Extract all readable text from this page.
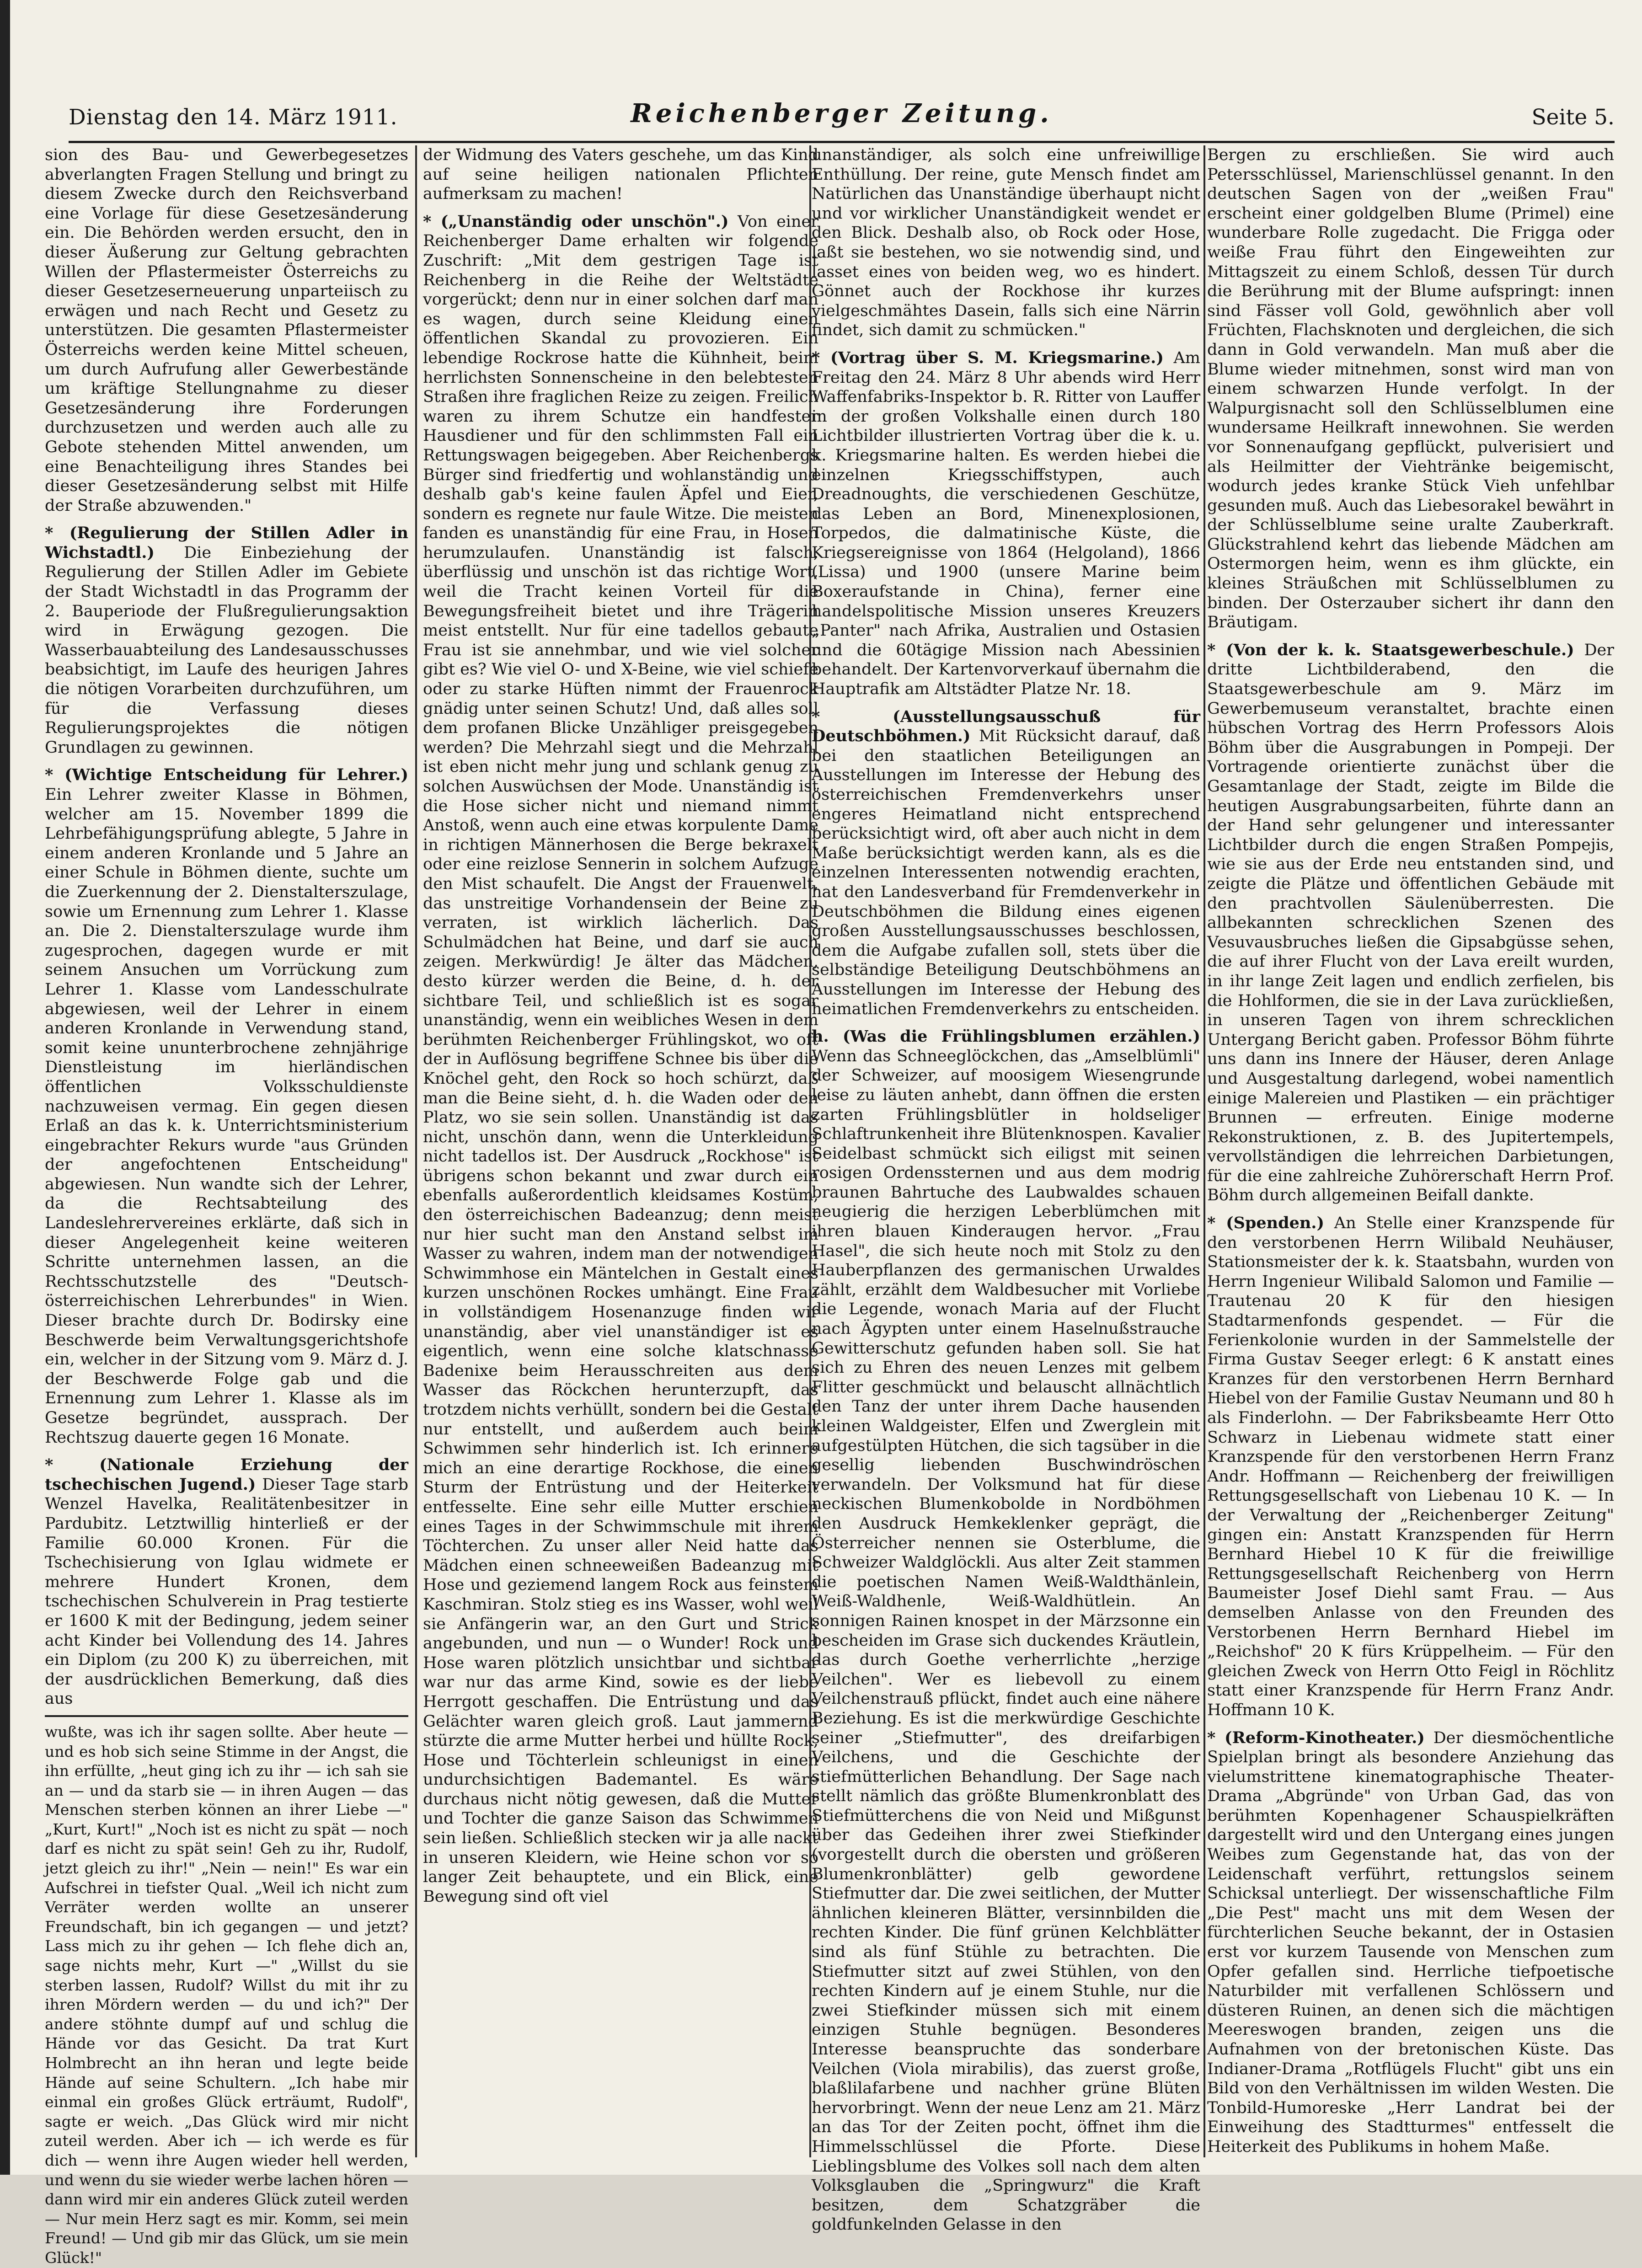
Dienstag den 14. März 1911.	Reichenberger Zeitung.	Seite 5.

sion des Bau- und Gewerbegesetzes abverlangten Fragen Stellung und bringt zu diesem Zwecke durch den Reichsverband eine Vorlage für diese Gesetzesänderung ein. Die Behörden werden ersucht, den in dieser Äußerung zur Geltung gebrachten Willen der Pflastermeister Österreichs zu dieser Gesetzeserneuerung unparteiisch zu erwägen und nach Recht und Gesetz zu unterstützen. Die gesamten Pflastermeister Österreichs werden keine Mittel scheuen, um durch Aufrufung aller Gewerbestände um kräftige Stellungnahme zu dieser Gesetzesänderung ihre Forderungen durchzusetzen und werden auch alle zu Gebote stehenden Mittel anwenden, um eine Benachteiligung ihres Standes bei dieser Gesetzesänderung selbst mit Hilfe der Straße abzuwenden."

* (Regulierung der Stillen Adler in Wichstadtl.) Die Einbeziehung der Regulierung der Stillen Adler im Gebiete der Stadt Wichstadtl in das Programm der 2. Bauperiode der Flußregulierungsaktion wird in Erwägung gezogen. Die Wasserbauabteilung des Landesausschusses beabsichtigt, im Laufe des heurigen Jahres die nötigen Vorarbeiten durchzuführen, um für die Verfassung dieses Regulierungsprojektes die nötigen Grundlagen zu gewinnen.

* (Wichtige Entscheidung für Lehrer.) Ein Lehrer zweiter Klasse in Böhmen, welcher am 15. November 1899 die Lehrbefähigungsprüfung ablegte, 5 Jahre in einem anderen Kronlande und 5 Jahre an einer Schule in Böhmen diente, suchte um die Zuerkennung der 2. Dienstalterszulage, sowie um Ernennung zum Lehrer 1. Klasse an. Die 2. Dienstalterszulage wurde ihm zugesprochen, dagegen wurde er mit seinem Ansuchen um Vorrückung zum Lehrer 1. Klasse vom Landesschulrate abgewiesen, weil der Lehrer in einem anderen Kronlande in Verwendung stand, somit keine ununterbrochene zehnjährige Dienstleistung im hierländischen öffentlichen Volksschuldienste nachzuweisen vermag. Ein gegen diesen Erlaß an das k. k. Unterrichtsministerium eingebrachter Rekurs wurde "aus Gründen der angefochtenen Entscheidung" abgewiesen. Nun wandte sich der Lehrer, da die Rechtsabteilung des Landeslehrervereines erklärte, daß sich in dieser Angelegenheit keine weiteren Schritte unternehmen lassen, an die Rechtsschutzstelle des "Deutsch-österreichischen Lehrerbundes" in Wien. Dieser brachte durch Dr. Bodirsky eine Beschwerde beim Verwaltungsgerichtshofe ein, welcher in der Sitzung vom 9. März d. J. der Beschwerde Folge gab und die Ernennung zum Lehrer 1. Klasse als im Gesetze begründet, aussprach. Der Rechtszug dauerte gegen 16 Monate.

* (Nationale Erziehung der tschechischen Jugend.) Dieser Tage starb Wenzel Havelka, Realitätenbesitzer in Pardubitz. Letztwillig hinterließ er der Familie 60.000 Kronen. Für die Tschechisierung von Iglau widmete er mehrere Hundert Kronen, dem tschechischen Schulverein in Prag testierte er 1600 K mit der Bedingung, jedem seiner acht Kinder bei Vollendung des 14. Jahres ein Diplom (zu 200 K) zu überreichen, mit der ausdrücklichen Bemerkung, daß dies aus

wußte, was ich ihr sagen sollte. Aber heute — und es hob sich seine Stimme in der Angst, die ihn erfüllte, „heut ging ich zu ihr — ich sah sie an — und da starb sie — in ihren Augen — das Menschen sterben können an ihrer Liebe —" „Kurt, Kurt!" „Noch ist es nicht zu spät — noch darf es nicht zu spät sein! Geh zu ihr, Rudolf, jetzt gleich zu ihr!" „Nein — nein!" Es war ein Aufschrei in tiefster Qual. „Weil ich nicht zum Verräter werden wollte an unserer Freundschaft, bin ich gegangen — und jetzt? Lass mich zu ihr gehen — Ich flehe dich an, sage nichts mehr, Kurt —" „Willst du sie sterben lassen, Rudolf? Willst du mit ihr zu ihren Mördern werden — du und ich?" Der andere stöhnte dumpf auf und schlug die Hände vor das Gesicht. Da trat Kurt Holmbrecht an ihn heran und legte beide Hände auf seine Schultern. „Ich habe mir einmal ein großes Glück erträumt, Rudolf", sagte er weich. „Das Glück wird mir nicht zuteil werden. Aber ich — ich werde es für dich — wenn ihre Augen wieder hell werden, und wenn du sie wieder werbe lachen hören — dann wird mir ein anderes Glück zuteil werden — Nur mein Herz sagt es mir. Komm, sei mein Freund! — Und gib mir das Glück, um sie mein Glück!"

der Widmung des Vaters geschehe, um das Kind auf seine heiligen nationalen Pflichten aufmerksam zu machen!

* („Unanständig oder unschön".) Von einer Reichenberger Dame erhalten wir folgende Zuschrift: „Mit dem gestrigen Tage ist Reichenberg in die Reihe der Weltstädte vorgerückt; denn nur in einer solchen darf man es wagen, durch seine Kleidung einen öffentlichen Skandal zu provozieren. Ein lebendige Rockrose hatte die Kühnheit, beim herrlichsten Sonnenscheine in den belebtesten Straßen ihre fraglichen Reize zu zeigen. Freilich waren zu ihrem Schutze ein handfester Hausdiener und für den schlimmsten Fall ein Rettungswagen beigegeben. Aber Reichenbergs Bürger sind friedfertig und wohlanständig und deshalb gab's keine faulen Äpfel und Eier, sondern es regnete nur faule Witze. Die meisten fanden es unanständig für eine Frau, in Hosen herumzulaufen. Unanständig ist falsch, überflüssig und unschön ist das richtige Wort, weil die Tracht keinen Vorteil für die Bewegungsfreiheit bietet und ihre Trägerin meist entstellt. Nur für eine tadellos gebaute Frau ist sie annehmbar, und wie viel solcher gibt es? Wie viel O- und X-Beine, wie viel schiefe oder zu starke Hüften nimmt der Frauenrock gnädig unter seinen Schutz! Und, daß alles soll dem profanen Blicke Unzähliger preisgegeben werden? Die Mehrzahl siegt und die Mehrzahl ist eben nicht mehr jung und schlank genug zu solchen Auswüchsen der Mode. Unanständig ist die Hose sicher nicht und niemand nimmt Anstoß, wenn auch eine etwas korpulente Dame in richtigen Männerhosen die Berge bekraxelt oder eine reizlose Sennerin in solchem Aufzuge den Mist schaufelt. Die Angst der Frauenwelt, das unstreitige Vorhandensein der Beine zu verraten, ist wirklich lächerlich. Das Schulmädchen hat Beine, und darf sie auch zeigen. Merkwürdig! Je älter das Mädchen, desto kürzer werden die Beine, d. h. der sichtbare Teil, und schließlich ist es sogar unanständig, wenn ein weibliches Wesen in dem berühmten Reichenberger Frühlingskot, wo oft der in Auflösung begriffene Schnee bis über die Knöchel geht, den Rock so hoch schürzt, daß man die Beine sieht, d. h. die Waden oder den Platz, wo sie sein sollen. Unanständig ist das nicht, unschön dann, wenn die Unterkleidung nicht tadellos ist. Der Ausdruck „Rockhose" ist übrigens schon bekannt und zwar durch ein ebenfalls außerordentlich kleidsames Kostüm, den österreichischen Badeanzug; denn meist nur hier sucht man den Anstand selbst im Wasser zu wahren, indem man der notwendigen Schwimmhose ein Mäntelchen in Gestalt eines kurzen unschönen Rockes umhängt. Eine Frau in vollständigem Hosenanzuge finden wir unanständig, aber viel unanständiger ist es eigentlich, wenn eine solche klatschnasse Badenixe beim Herausschreiten aus dem Wasser das Röckchen herunterzupft, das trotzdem nichts verhüllt, sondern bei die Gestalt nur entstellt, und außerdem auch beim Schwimmen sehr hinderlich ist. Ich erinnere mich an eine derartige Rockhose, die einen Sturm der Entrüstung und der Heiterkeit entfesselte. Eine sehr eille Mutter erschien eines Tages in der Schwimmschule mit ihrem Töchterchen. Zu unser aller Neid hatte das Mädchen einen schneeweißen Badeanzug mit Hose und geziemend langem Rock aus feinstem Kaschmiran. Stolz stieg es ins Wasser, wohl weil sie Anfängerin war, an den Gurt und Strick angebunden, und nun — o Wunder! Rock und Hose waren plötzlich unsichtbar und sichtbar war nur das arme Kind, sowie es der liebe Herrgott geschaffen. Die Entrüstung und das Gelächter waren gleich groß. Laut jammernd stürzte die arme Mutter herbei und hüllte Rock, Hose und Töchterlein schleunigst in einen undurchsichtigen Bademantel. Es wäre durchaus nicht nötig gewesen, daß die Mutter und Tochter die ganze Saison das Schwimmen sein ließen. Schließlich stecken wir ja alle nackt in unseren Kleidern, wie Heine schon vor so langer Zeit behauptete, und ein Blick, eine Bewegung sind oft viel

unanständiger, als solch eine unfreiwillige Enthüllung. Der reine, gute Mensch findet am Natürlichen das Unanständige überhaupt nicht und vor wirklicher Unanständigkeit wendet er den Blick. Deshalb also, ob Rock oder Hose, laßt sie bestehen, wo sie notwendig sind, und lasset eines von beiden weg, wo es hindert. Gönnet auch der Rockhose ihr kurzes vielgeschmähtes Dasein, falls sich eine Närrin findet, sich damit zu schmücken."

* (Vortrag über S. M. Kriegsmarine.) Am Freitag den 24. März 8 Uhr abends wird Herr Waffenfabriks-Inspektor b. R. Ritter von Lauffer in der großen Volkshalle einen durch 180 Lichtbilder illustrierten Vortrag über die k. u. k. Kriegsmarine halten. Es werden hiebei die einzelnen Kriegsschiffstypen, auch Dreadnoughts, die verschiedenen Geschütze, das Leben an Bord, Minenexplosionen, Torpedos, die dalmatinische Küste, die Kriegsereignisse von 1864 (Helgoland), 1866 (Lissa) und 1900 (unsere Marine beim Boxeraufstande in China), ferner eine handelspolitische Mission unseres Kreuzers „Panter" nach Afrika, Australien und Ostasien und die 60tägige Mission nach Abessinien behandelt. Der Kartenvorverkauf übernahm die Hauptrafik am Altstädter Platze Nr. 18.

* (Ausstellungsausschuß für Deutschböhmen.) Mit Rücksicht darauf, daß bei den staatlichen Beteiligungen an Ausstellungen im Interesse der Hebung des österreichischen Fremdenverkehrs unser engeres Heimatland nicht entsprechend berücksichtigt wird, oft aber auch nicht in dem Maße berücksichtigt werden kann, als es die einzelnen Interessenten notwendig erachten, hat den Landesverband für Fremdenverkehr in Deutschböhmen die Bildung eines eigenen großen Ausstellungsausschusses beschlossen, dem die Aufgabe zufallen soll, stets über die selbständige Beteiligung Deutschböhmens an Ausstellungen im Interesse der Hebung des heimatlichen Fremdenverkehrs zu entscheiden.

h. (Was die Frühlingsblumen erzählen.) Wenn das Schneeglöckchen, das „Amselblümli" der Schweizer, auf moosigem Wiesengrunde leise zu läuten anhebt, dann öffnen die ersten zarten Frühlingsblütler in holdseliger Schlaftrunkenheit ihre Blütenknospen. Kavalier Seidelbast schmückt sich eiligst mit seinen rosigen Ordenssternen und aus dem modrig braunen Bahrtuche des Laubwaldes schauen neugierig die herzigen Leberblümchen mit ihren blauen Kinderaugen hervor. „Frau Hasel", die sich heute noch mit Stolz zu den Hauberpflanzen des germanischen Urwaldes zählt, erzählt dem Waldbesucher mit Vorliebe die Legende, wonach Maria auf der Flucht nach Ägypten unter einem Haselnußstrauche Gewitterschutz gefunden haben soll. Sie hat sich zu Ehren des neuen Lenzes mit gelbem Flitter geschmückt und belauscht allnächtlich den Tanz der unter ihrem Dache hausenden kleinen Waldgeister, Elfen und Zwerglein mit aufgestülpten Hütchen, die sich tagsüber in die gesellig liebenden Buschwindröschen verwandeln. Der Volksmund hat für diese neckischen Blumenkobolde in Nordböhmen den Ausdruck Hemkeklenker geprägt, die Österreicher nennen sie Osterblume, die Schweizer Waldglöckli. Aus alter Zeit stammen die poetischen Namen Weiß-Waldthänlein, Weiß-Waldhenle, Weiß-Waldhütlein. An sonnigen Rainen knospet in der Märzsonne ein bescheiden im Grase sich duckendes Kräutlein, das durch Goethe verherrlichte „herzige Veilchen". Wer es liebevoll zu einem Veilchenstrauß pflückt, findet auch eine nähere Beziehung. Es ist die merkwürdige Geschichte seiner „Stiefmutter", des dreifarbigen Veilchens, und die Geschichte der stiefmütterlichen Behandlung. Der Sage nach stellt nämlich das größte Blumenkronblatt des Stiefmütterchens die von Neid und Mißgunst über das Gedeihen ihrer zwei Stiefkinder (vorgestellt durch die obersten und größeren Blumenkronblätter) gelb gewordene Stiefmutter dar. Die zwei seitlichen, der Mutter ähnlichen kleineren Blätter, versinnbilden die rechten Kinder. Die fünf grünen Kelchblätter sind als fünf Stühle zu betrachten. Die Stiefmutter sitzt auf zwei Stühlen, von den rechten Kindern auf je einem Stuhle, nur die zwei Stiefkinder müssen sich mit einem einzigen Stuhle begnügen. Besonderes Interesse beanspruchte das sonderbare Veilchen (Viola mirabilis), das zuerst große, blaßlilafarbene und nachher grüne Blüten hervorbringt. Wenn der neue Lenz am 21. März an das Tor der Zeiten pocht, öffnet ihm die Himmelsschlüssel die Pforte. Diese Lieblingsblume des Volkes soll nach dem alten Volksglauben die „Springwurz" die Kraft besitzen, dem Schatzgräber die goldfunkelnden Gelasse in den

Bergen zu erschließen. Sie wird auch Petersschlüssel, Marienschlüssel genannt. In den deutschen Sagen von der „weißen Frau" erscheint einer goldgelben Blume (Primel) eine wunderbare Rolle zugedacht. Die Frigga oder weiße Frau führt den Eingeweihten zur Mittagszeit zu einem Schloß, dessen Tür durch die Berührung mit der Blume aufspringt: innen sind Fässer voll Gold, gewöhnlich aber voll Früchten, Flachsknoten und dergleichen, die sich dann in Gold verwandeln. Man muß aber die Blume wieder mitnehmen, sonst wird man von einem schwarzen Hunde verfolgt. In der Walpurgisnacht soll den Schlüsselblumen eine wundersame Heilkraft innewohnen. Sie werden vor Sonnenaufgang gepflückt, pulverisiert und als Heilmitter der Viehtränke beigemischt, wodurch jedes kranke Stück Vieh unfehlbar gesunden muß. Auch das Liebesorakel bewährt in der Schlüsselblume seine uralte Zauberkraft. Glückstrahlend kehrt das liebende Mädchen am Ostermorgen heim, wenn es ihm glückte, ein kleines Sträußchen mit Schlüsselblumen zu binden. Der Osterzauber sichert ihr dann den Bräutigam.

* (Von der k. k. Staatsgewerbeschule.) Der dritte Lichtbilderabend, den die Staatsgewerbeschule am 9. März im Gewerbemuseum veranstaltet, brachte einen hübschen Vortrag des Herrn Professors Alois Böhm über die Ausgrabungen in Pompeji. Der Vortragende orientierte zunächst über die Gesamtanlage der Stadt, zeigte im Bilde die heutigen Ausgrabungsarbeiten, führte dann an der Hand sehr gelungener und interessanter Lichtbilder durch die engen Straßen Pompejis, wie sie aus der Erde neu entstanden sind, und zeigte die Plätze und öffentlichen Gebäude mit den prachtvollen Säulenüberresten. Die allbekannten schrecklichen Szenen des Vesuvausbruches ließen die Gipsabgüsse sehen, die auf ihrer Flucht von der Lava ereilt wurden, in ihr lange Zeit lagen und endlich zerfielen, bis die Hohlformen, die sie in der Lava zurückließen, in unseren Tagen von ihrem schrecklichen Untergang Bericht gaben. Professor Böhm führte uns dann ins Innere der Häuser, deren Anlage und Ausgestaltung darlegend, wobei namentlich einige Malereien und Plastiken — ein prächtiger Brunnen — erfreuten. Einige moderne Rekonstruktionen, z. B. des Jupitertempels, vervollständigen die lehrreichen Darbietungen, für die eine zahlreiche Zuhörerschaft Herrn Prof. Böhm durch allgemeinen Beifall dankte.

* (Spenden.) An Stelle einer Kranzspende für den verstorbenen Herrn Wilibald Neuhäuser, Stationsmeister der k. k. Staatsbahn, wurden von Herrn Ingenieur Wilibald Salomon und Familie — Trautenau 20 K für den hiesigen Stadtarmenfonds gespendet. — Für die Ferienkolonie wurden in der Sammelstelle der Firma Gustav Seeger erlegt: 6 K anstatt eines Kranzes für den verstorbenen Herrn Bernhard Hiebel von der Familie Gustav Neumann und 80 h als Finderlohn. — Der Fabriksbeamte Herr Otto Schwarz in Liebenau widmete statt einer Kranzspende für den verstorbenen Herrn Franz Andr. Hoffmann — Reichenberg der freiwilligen Rettungsgesellschaft von Liebenau 10 K. — In der Verwaltung der „Reichenberger Zeitung" gingen ein: Anstatt Kranzspenden für Herrn Bernhard Hiebel 10 K für die freiwillige Rettungsgesellschaft Reichenberg von Herrn Baumeister Josef Diehl samt Frau. — Aus demselben Anlasse von den Freunden des Verstorbenen Herrn Bernhard Hiebel im „Reichshof" 20 K fürs Krüppelheim. — Für den gleichen Zweck von Herrn Otto Feigl in Röchlitz statt einer Kranzspende für Herrn Franz Andr. Hoffmann 10 K.

* (Reform-Kinotheater.) Der diesmöchentliche Spielplan bringt als besondere Anziehung das vielumstrittene kinematographische Theater-Drama „Abgründe" von Urban Gad, das von berühmten Kopenhagener Schauspielkräften dargestellt wird und den Untergang eines jungen Weibes zum Gegenstande hat, das von der Leidenschaft verführt, rettungslos seinem Schicksal unterliegt. Der wissenschaftliche Film „Die Pest" macht uns mit dem Wesen der fürchterlichen Seuche bekannt, der in Ostasien erst vor kurzem Tausende von Menschen zum Opfer gefallen sind. Herrliche tiefpoetische Naturbilder mit verfallenen Schlössern und düsteren Ruinen, an denen sich die mächtigen Meereswogen branden, zeigen uns die Aufnahmen von der bretonischen Küste. Das Indianer-Drama „Rotflügels Flucht" gibt uns ein Bild von den Verhältnissen im wilden Westen. Die Tonbild-Humoreske „Herr Landrat bei der Einweihung des Stadtturmes" entfesselt die Heiterkeit des Publikums in hohem Maße.
